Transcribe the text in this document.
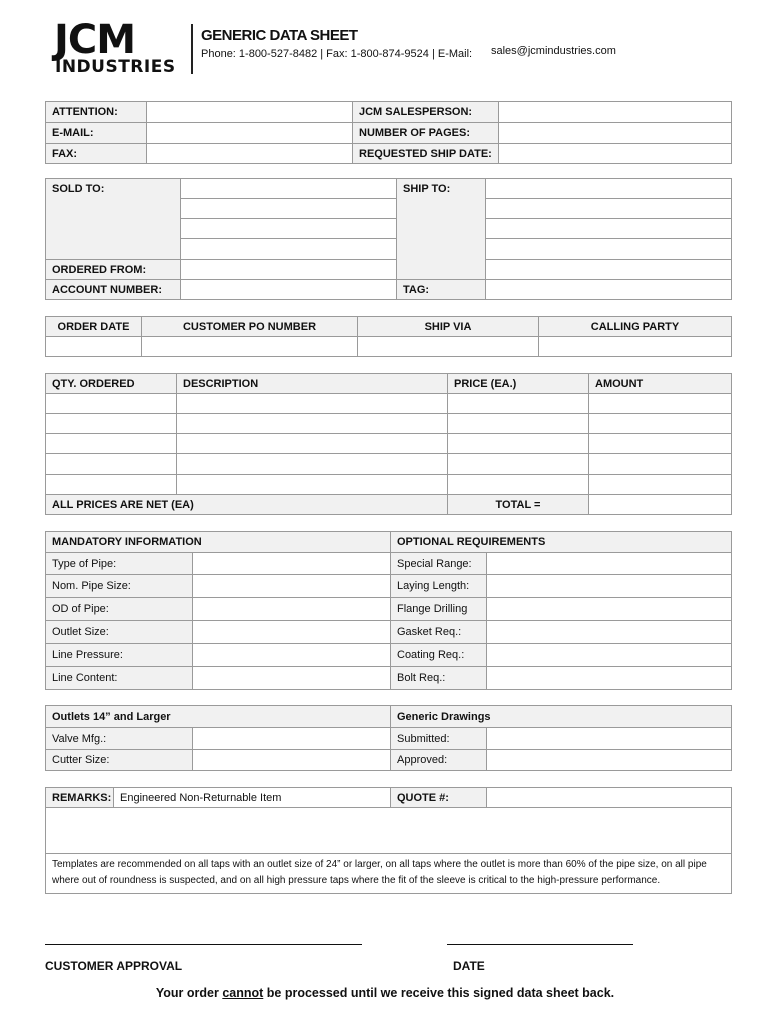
JCM
INDUSTRIES
GENERIC DATA SHEET
Phone: 1-800-527-8482 | Fax: 1-800-874-9524 | E-Mail: sales@jcmindustries.com
ATTENTION:		JCM SALESPERSON:	
E-MAIL:		NUMBER OF PAGES:	
FAX:		REQUESTED SHIP DATE:	
SOLD TO:		SHIP TO:	

ORDERED FROM:			
ACCOUNT NUMBER:		TAG:	
ORDER DATE	CUSTOMER PO NUMBER	SHIP VIA	CALLING PARTY

QTY. ORDERED	DESCRIPTION	PRICE (EA.)	AMOUNT

ALL PRICES ARE NET (EA)		TOTAL =	
MANDATORY INFORMATION		OPTIONAL REQUIREMENTS	
Type of Pipe:		Special Range:	
Nom. Pipe Size:		Laying Length:	
OD of Pipe:		Flange Drilling	
Outlet Size:		Gasket Req.:	
Line Pressure:		Coating Req.:	
Line Content:		Bolt Req.:	
Outlets 14” and Larger		Generic Drawings	
Valve Mfg.:		Submitted:	
Cutter Size:		Approved:	
REMARKS:	Engineered Non-Returnable Item	QUOTE #:	

Templates are recommended on all taps with an outlet size of 24” or larger, on all taps where the outlet is more than 60% of the pipe size, on all pipe where out of roundness is suspected, and on all high pressure taps where the fit of the sleeve is critical to the high-pressure performance.
CUSTOMER APPROVAL	DATE
Your order cannot be processed until we receive this signed data sheet back.
